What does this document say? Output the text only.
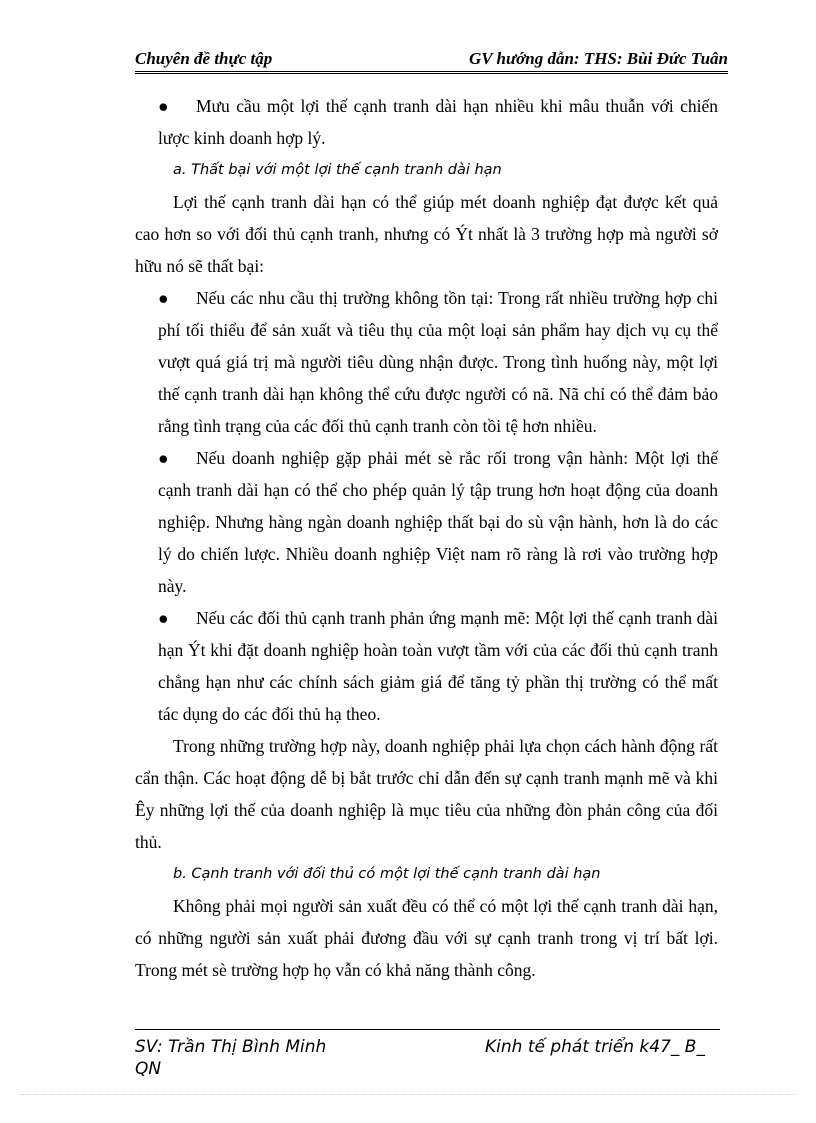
Chuyên đề thực tập	GV hướng dẫn: THS: Bùi Đức Tuân

● Mưu cầu một lợi thế cạnh tranh dài hạn nhiều khi mâu thuẫn với chiến lược kinh doanh hợp lý.

a. Thất bại với một lợi thế cạnh tranh dài hạn

Lợi thế cạnh tranh dài hạn có thể giúp mét doanh nghiệp đạt được kết quả cao hơn so với đối thủ cạnh tranh, nhưng có Ýt nhất là 3 trường hợp mà người sở hữu nó sẽ thất bại:

● Nếu các nhu cầu thị trường không tồn tại: Trong rất nhiều trường hợp chi phí tối thiểu để sản xuất và tiêu thụ của một loại sản phẩm hay dịch vụ cụ thể vượt quá giá trị mà người tiêu dùng nhận được. Trong tình huống này, một lợi thế cạnh tranh dài hạn không thể cứu được người có nã. Nã chỉ có thể đảm bảo rằng tình trạng của các đối thủ cạnh tranh còn tồi tệ hơn nhiều.

● Nếu doanh nghiệp gặp phải mét sè rắc rối trong vận hành: Một lợi thế cạnh tranh dài hạn có thể cho phép quản lý tập trung hơn hoạt động của doanh nghiệp. Nhưng hàng ngàn doanh nghiệp thất bại do sù vận hành, hơn là do các lý do chiến lược. Nhiều doanh nghiệp Việt nam rõ ràng là rơi vào trường hợp này.

● Nếu các đối thủ cạnh tranh phản ứng mạnh mẽ: Một lợi thế cạnh tranh dài hạn Ýt khi đặt doanh nghiệp hoàn toàn vượt tầm với của các đối thủ cạnh tranh chẳng hạn như các chính sách giảm giá để tăng tỷ phần thị trường có thể mất tác dụng do các đối thủ hạ theo.

Trong những trường hợp này, doanh nghiệp phải lựa chọn cách hành động rất cẩn thận. Các hoạt động dễ bị bắt trước chỉ dẫn đến sự cạnh tranh mạnh mẽ và khi Êy những lợi thế của doanh nghiệp là mục tiêu của những đòn phản công của đối thủ.

b. Cạnh tranh với đối thủ có một lợi thế cạnh tranh dài hạn

Không phải mọi người sản xuất đều có thể có một lợi thế cạnh tranh dài hạn, có những người sản xuất phải đương đầu với sự cạnh tranh trong vị trí bất lợi. Trong mét sè trường hợp họ vẫn có khả năng thành công.

SV: Trần Thị Bình Minh QN
Kinh tế phát triển k47_ B_
